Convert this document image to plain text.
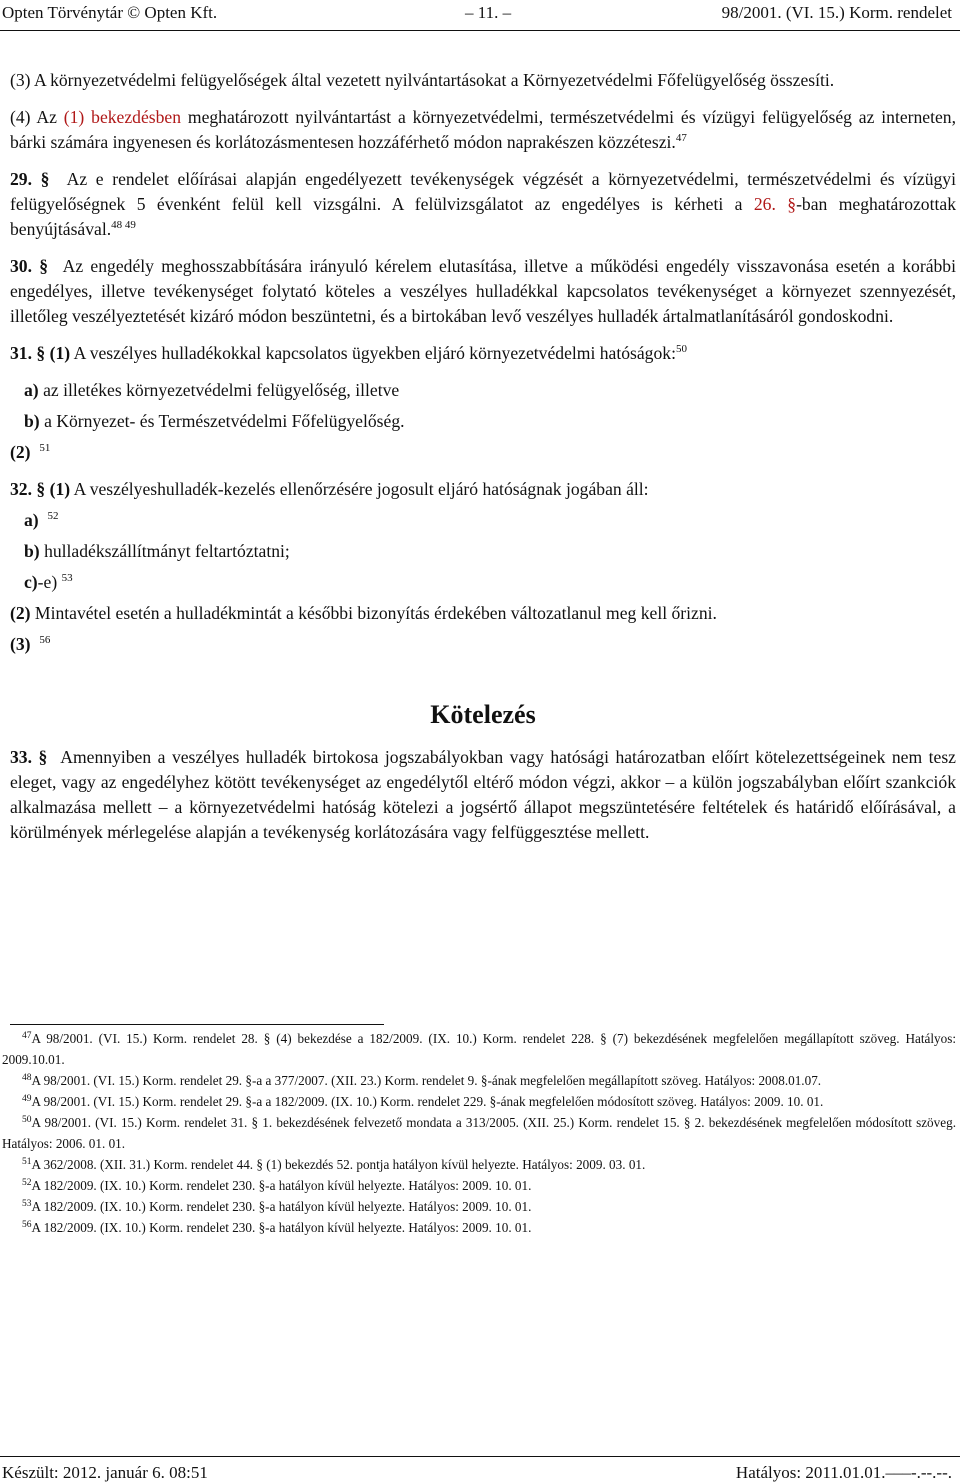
Opten Törvénytár © Opten Kft.	– 11. –	98/2001. (VI. 15.) Korm. rendelet

(3) A környezetvédelmi felügyelőségek által vezetett nyilvántartásokat a Környezetvédelmi Főfelügyelőség összesíti.

(4) Az (1) bekezdésben meghatározott nyilvántartást a környezetvédelmi, természetvédelmi és vízügyi felügyelőség az interneten, bárki számára ingyenesen és korlátozásmentesen hozzáférhető módon naprakészen közzéteszi.$^{47}$

29. § Az e rendelet előírásai alapján engedélyezett tevékenységek végzését a környezetvédelmi, természetvédelmi és vízügyi felügyelőségnek 5 évenként felül kell vizsgálni. A felülvizsgálatot az engedélyes is kérheti a 26. §-ban meghatározottak benyújtásával.$^{48 49}$

30. § Az engedély meghosszabbítására irányuló kérelem elutasítása, illetve a működési engedély visszavonása esetén a korábbi engedélyes, illetve tevékenységet folytató köteles a veszélyes hulladékkal kapcsolatos tevékenységet a környezet szennyezését, illetőleg veszélyeztetését kizáró módon beszüntetni, és a birtokában levő veszélyes hulladék ártalmatlanításáról gondoskodni.

31. § (1) A veszélyes hulladékokkal kapcsolatos ügyekben eljáró környezetvédelmi hatóságok:$^{50}$

a) az illetékes környezetvédelmi felügyelőség, illetve

b) a Környezet- és Természetvédelmi Főfelügyelőség.

(2) $^{51}$

32. § (1) A veszélyeshulladék-kezelés ellenőrzésére jogosult eljáró hatóságnak jogában áll:

a) $^{52}$

b) hulladékszállítmányt feltartóztatni;

c)-e) $^{53}$

(2) Mintavétel esetén a hulladékmintát a későbbi bizonyítás érdekében változatlanul meg kell őrizni.

(3) $^{56}$

Kötelezés

33. § Amennyiben a veszélyes hulladék birtokosa jogszabályokban vagy hatósági határozatban előírt kötelezettségeinek nem tesz eleget, vagy az engedélyhez kötött tevékenységet az engedélytől eltérő módon végzi, akkor – a külön jogszabályban előírt szankciók alkalmazása mellett – a környezetvédelmi hatóság kötelezi a jogsértő állapot megszüntetésére feltételek és határidő előírásával, a körülmények mérlegelése alapján a tevékenység korlátozására vagy felfüggesztése mellett.

$^{47}$A 98/2001. (VI. 15.) Korm. rendelet 28. § (4) bekezdése a 182/2009. (IX. 10.) Korm. rendelet 228. § (7) bekezdésének megfelelően megállapított szöveg. Hatályos: 2009.10.01.

$^{48}$A 98/2001. (VI. 15.) Korm. rendelet 29. §-a a 377/2007. (XII. 23.) Korm. rendelet 9. §-ának megfelelően megállapított szöveg. Hatályos: 2008.01.07.

$^{49}$A 98/2001. (VI. 15.) Korm. rendelet 29. §-a a 182/2009. (IX. 10.) Korm. rendelet 229. §-ának megfelelően módosított szöveg. Hatályos: 2009. 10. 01.

$^{50}$A 98/2001. (VI. 15.) Korm. rendelet 31. § 1. bekezdésének felvezető mondata a 313/2005. (XII. 25.) Korm. rendelet 15. § 2. bekezdésének megfelelően módosított szöveg. Hatályos: 2006. 01. 01.

$^{51}$A 362/2008. (XII. 31.) Korm. rendelet 44. § (1) bekezdés 52. pontja hatályon kívül helyezte. Hatályos: 2009. 03. 01.

$^{52}$A 182/2009. (IX. 10.) Korm. rendelet 230. §-a hatályon kívül helyezte. Hatályos: 2009. 10. 01.

$^{53}$A 182/2009. (IX. 10.) Korm. rendelet 230. §-a hatályon kívül helyezte. Hatályos: 2009. 10. 01.

$^{56}$A 182/2009. (IX. 10.) Korm. rendelet 230. §-a hatályon kívül helyezte. Hatályos: 2009. 10. 01.

Készült: 2012. január 6. 08:51	Hatályos: 2011.01.01.–––-.--.--.
